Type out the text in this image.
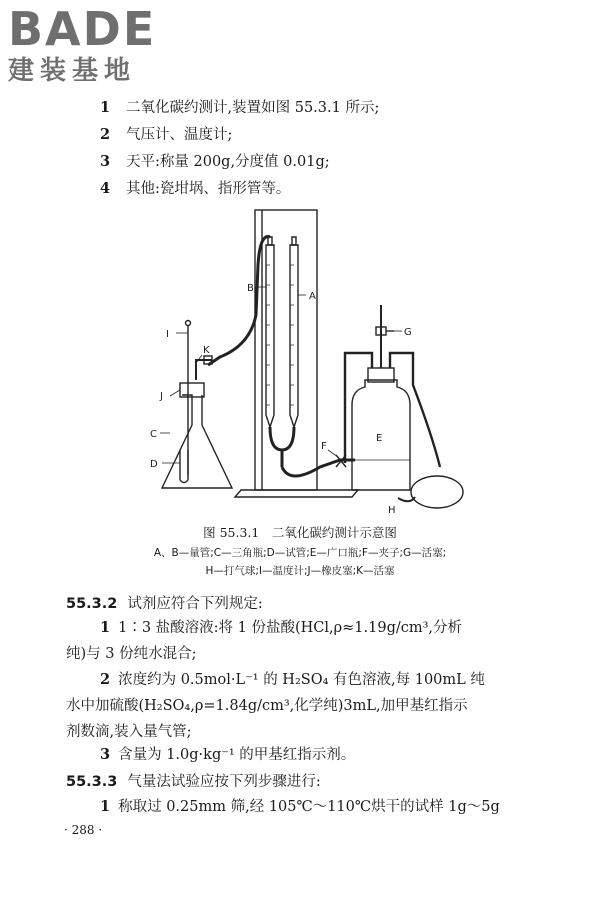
BADE
建装基地
1 二氧化碳约测计,装置如图 55.3.1 所示;
2 气压计、温度计;
3 天平:称量 200g,分度值 0.01g;
4 其他:瓷坩埚、指形管等。
B
A
I
K
J
C
D
E
F
G
H
图 55.3.1　二氧化碳约测计示意图
A、B—量管;C—三角瓶;D—试管;E—广口瓶;F—夹子;G—活塞;
H—打气球;I—温度计;J—橡皮塞;K—活塞
55.3.2 试剂应符合下列规定:
1 1∶3 盐酸溶液:将 1 份盐酸(HCl,ρ≈1.19g/cm³,分析
纯)与 3 份纯水混合;
2 浓度约为 0.5mol·L⁻¹ 的 H₂SO₄ 有色溶液,每 100mL 纯
水中加硫酸(H₂SO₄,ρ=1.84g/cm³,化学纯)3mL,加甲基红指示
剂数滴,装入量气管;
3 含量为 1.0g·kg⁻¹ 的甲基红指示剂。
55.3.3 气量法试验应按下列步骤进行:
1 称取过 0.25mm 筛,经 105℃～110℃烘干的试样 1g～5g
· 288 ·
